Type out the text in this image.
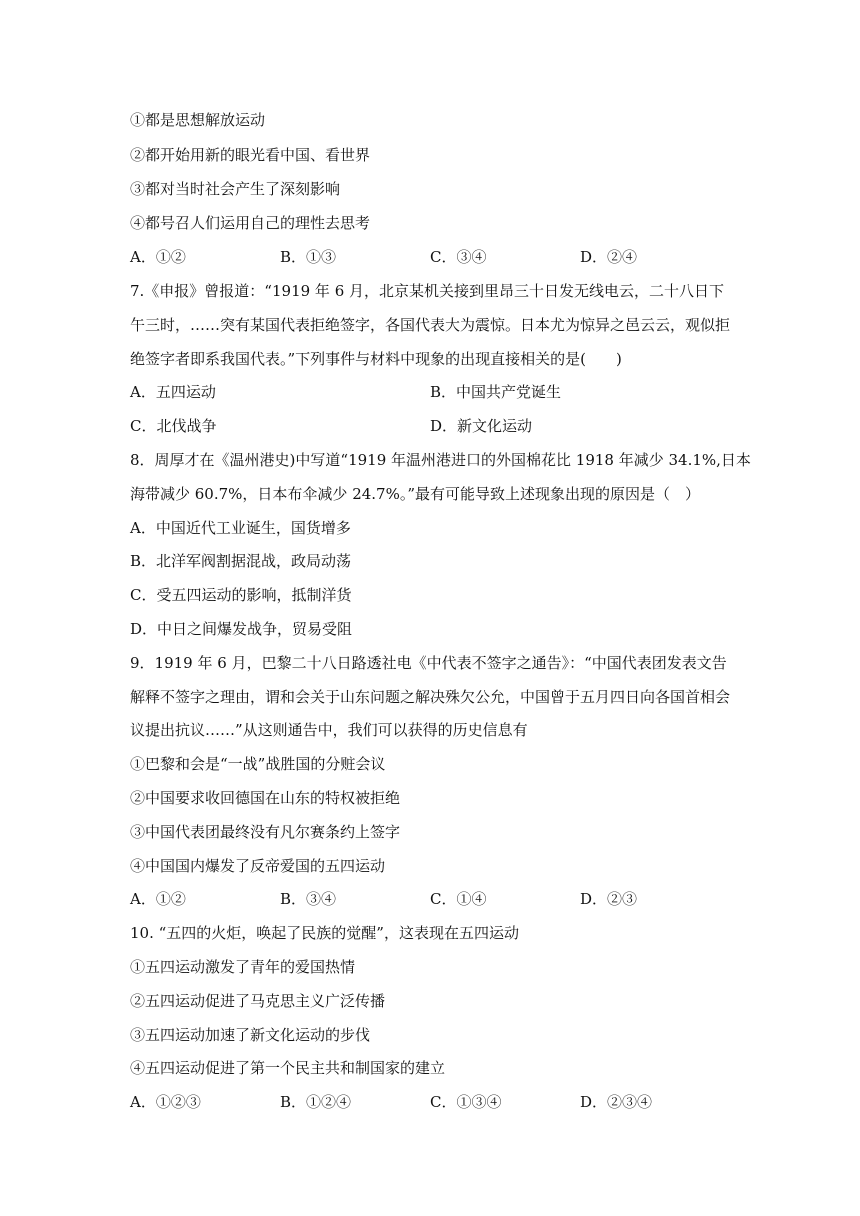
①都是思想解放运动
②都开始用新的眼光看中国、看世界
③都对当时社会产生了深刻影响
④都号召人们运用自己的理性去思考
A．①②	B．①③	C．③④	D．②④
7.《申报》曾报道：“1919 年 6 月，北京某机关接到里昂三十日发无线电云，二十八日下
午三时，……突有某国代表拒绝签字，各国代表大为震惊。日本尤为惊异之邑云云，观似拒
绝签字者即系我国代表。”下列事件与材料中现象的出现直接相关的是(　　)
A．五四运动	B．中国共产党诞生
C．北伐战争	D．新文化运动
8．周厚才在《温州港史)中写道“1919 年温州港进口的外国棉花比 1918 年减少 34.1%,日本
海带减少 60.7%，日本布伞减少 24.7%。”最有可能导致上述现象出现的原因是（　）
A．中国近代工业诞生，国货增多
B．北洋军阀割据混战，政局动荡
C．受五四运动的影响，抵制洋货
D．中日之间爆发战争，贸易受阻
9．1919 年 6 月，巴黎二十八日路透社电《中代表不签字之通告》：“中国代表团发表文告
解释不签字之理由，谓和会关于山东问题之解决殊欠公允，中国曾于五月四日向各国首相会
议提出抗议……”从这则通告中，我们可以获得的历史信息有
①巴黎和会是“一战”战胜国的分赃会议
②中国要求收回德国在山东的特权被拒绝
③中国代表团最终没有凡尔赛条约上签字
④中国国内爆发了反帝爱国的五四运动
A．①②	B．③④	C．①④	D．②③
10. “五四的火炬，唤起了民族的觉醒”，这表现在五四运动
①五四运动激发了青年的爱国热情
②五四运动促进了马克思主义广泛传播
③五四运动加速了新文化运动的步伐
④五四运动促进了第一个民主共和制国家的建立
A．①②③	B．①②④	C．①③④	D．②③④
